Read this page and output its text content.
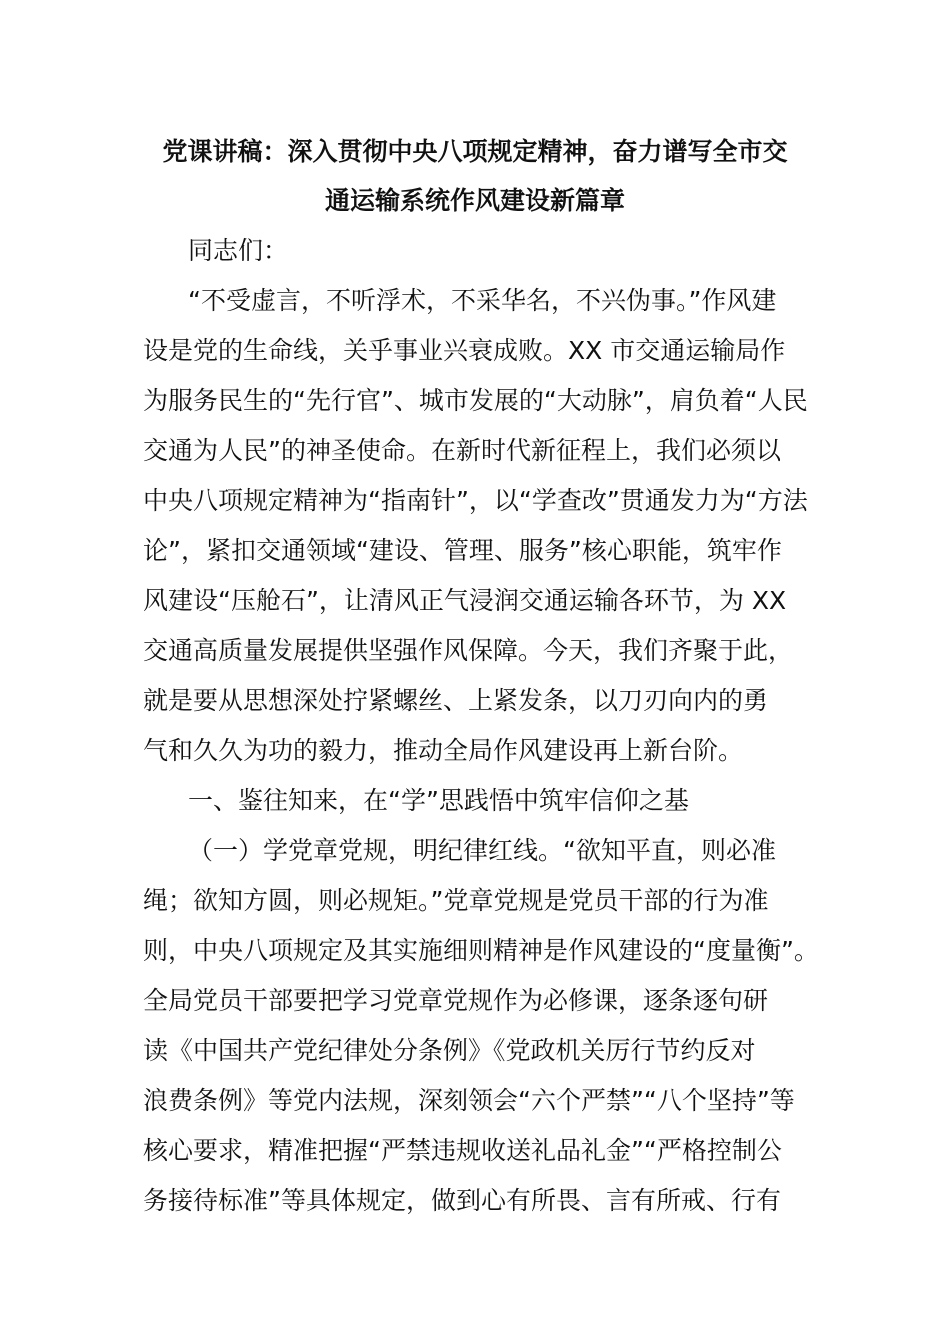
党课讲稿：深入贯彻中央八项规定精神，奋力谱写全市交
通运输系统作风建设新篇章
同志们：
“不受虚言，不听浮术，不采华名，不兴伪事。”作风建
设是党的生命线，关乎事业兴衰成败。XX 市交通运输局作
为服务民生的“先行官”、城市发展的“大动脉”，肩负着“人民
交通为人民”的神圣使命。在新时代新征程上，我们必须以
中央八项规定精神为“指南针”，以“学查改”贯通发力为“方法
论”，紧扣交通领域“建设、管理、服务”核心职能，筑牢作
风建设“压舱石”，让清风正气浸润交通运输各环节，为 XX
交通高质量发展提供坚强作风保障。今天，我们齐聚于此，
就是要从思想深处拧紧螺丝、上紧发条，以刀刃向内的勇
气和久久为功的毅力，推动全局作风建设再上新台阶。
一、鉴往知来，在“学”思践悟中筑牢信仰之基
（一）学党章党规，明纪律红线。“欲知平直，则必准
绳；欲知方圆，则必规矩。”党章党规是党员干部的行为准
则，中央八项规定及其实施细则精神是作风建设的“度量衡”。
全局党员干部要把学习党章党规作为必修课，逐条逐句研
读《中国共产党纪律处分条例》《党政机关厉行节约反对
浪费条例》等党内法规，深刻领会“六个严禁”“八个坚持”等
核心要求，精准把握“严禁违规收送礼品礼金”“严格控制公
务接待标准”等具体规定，做到心有所畏、言有所戒、行有
